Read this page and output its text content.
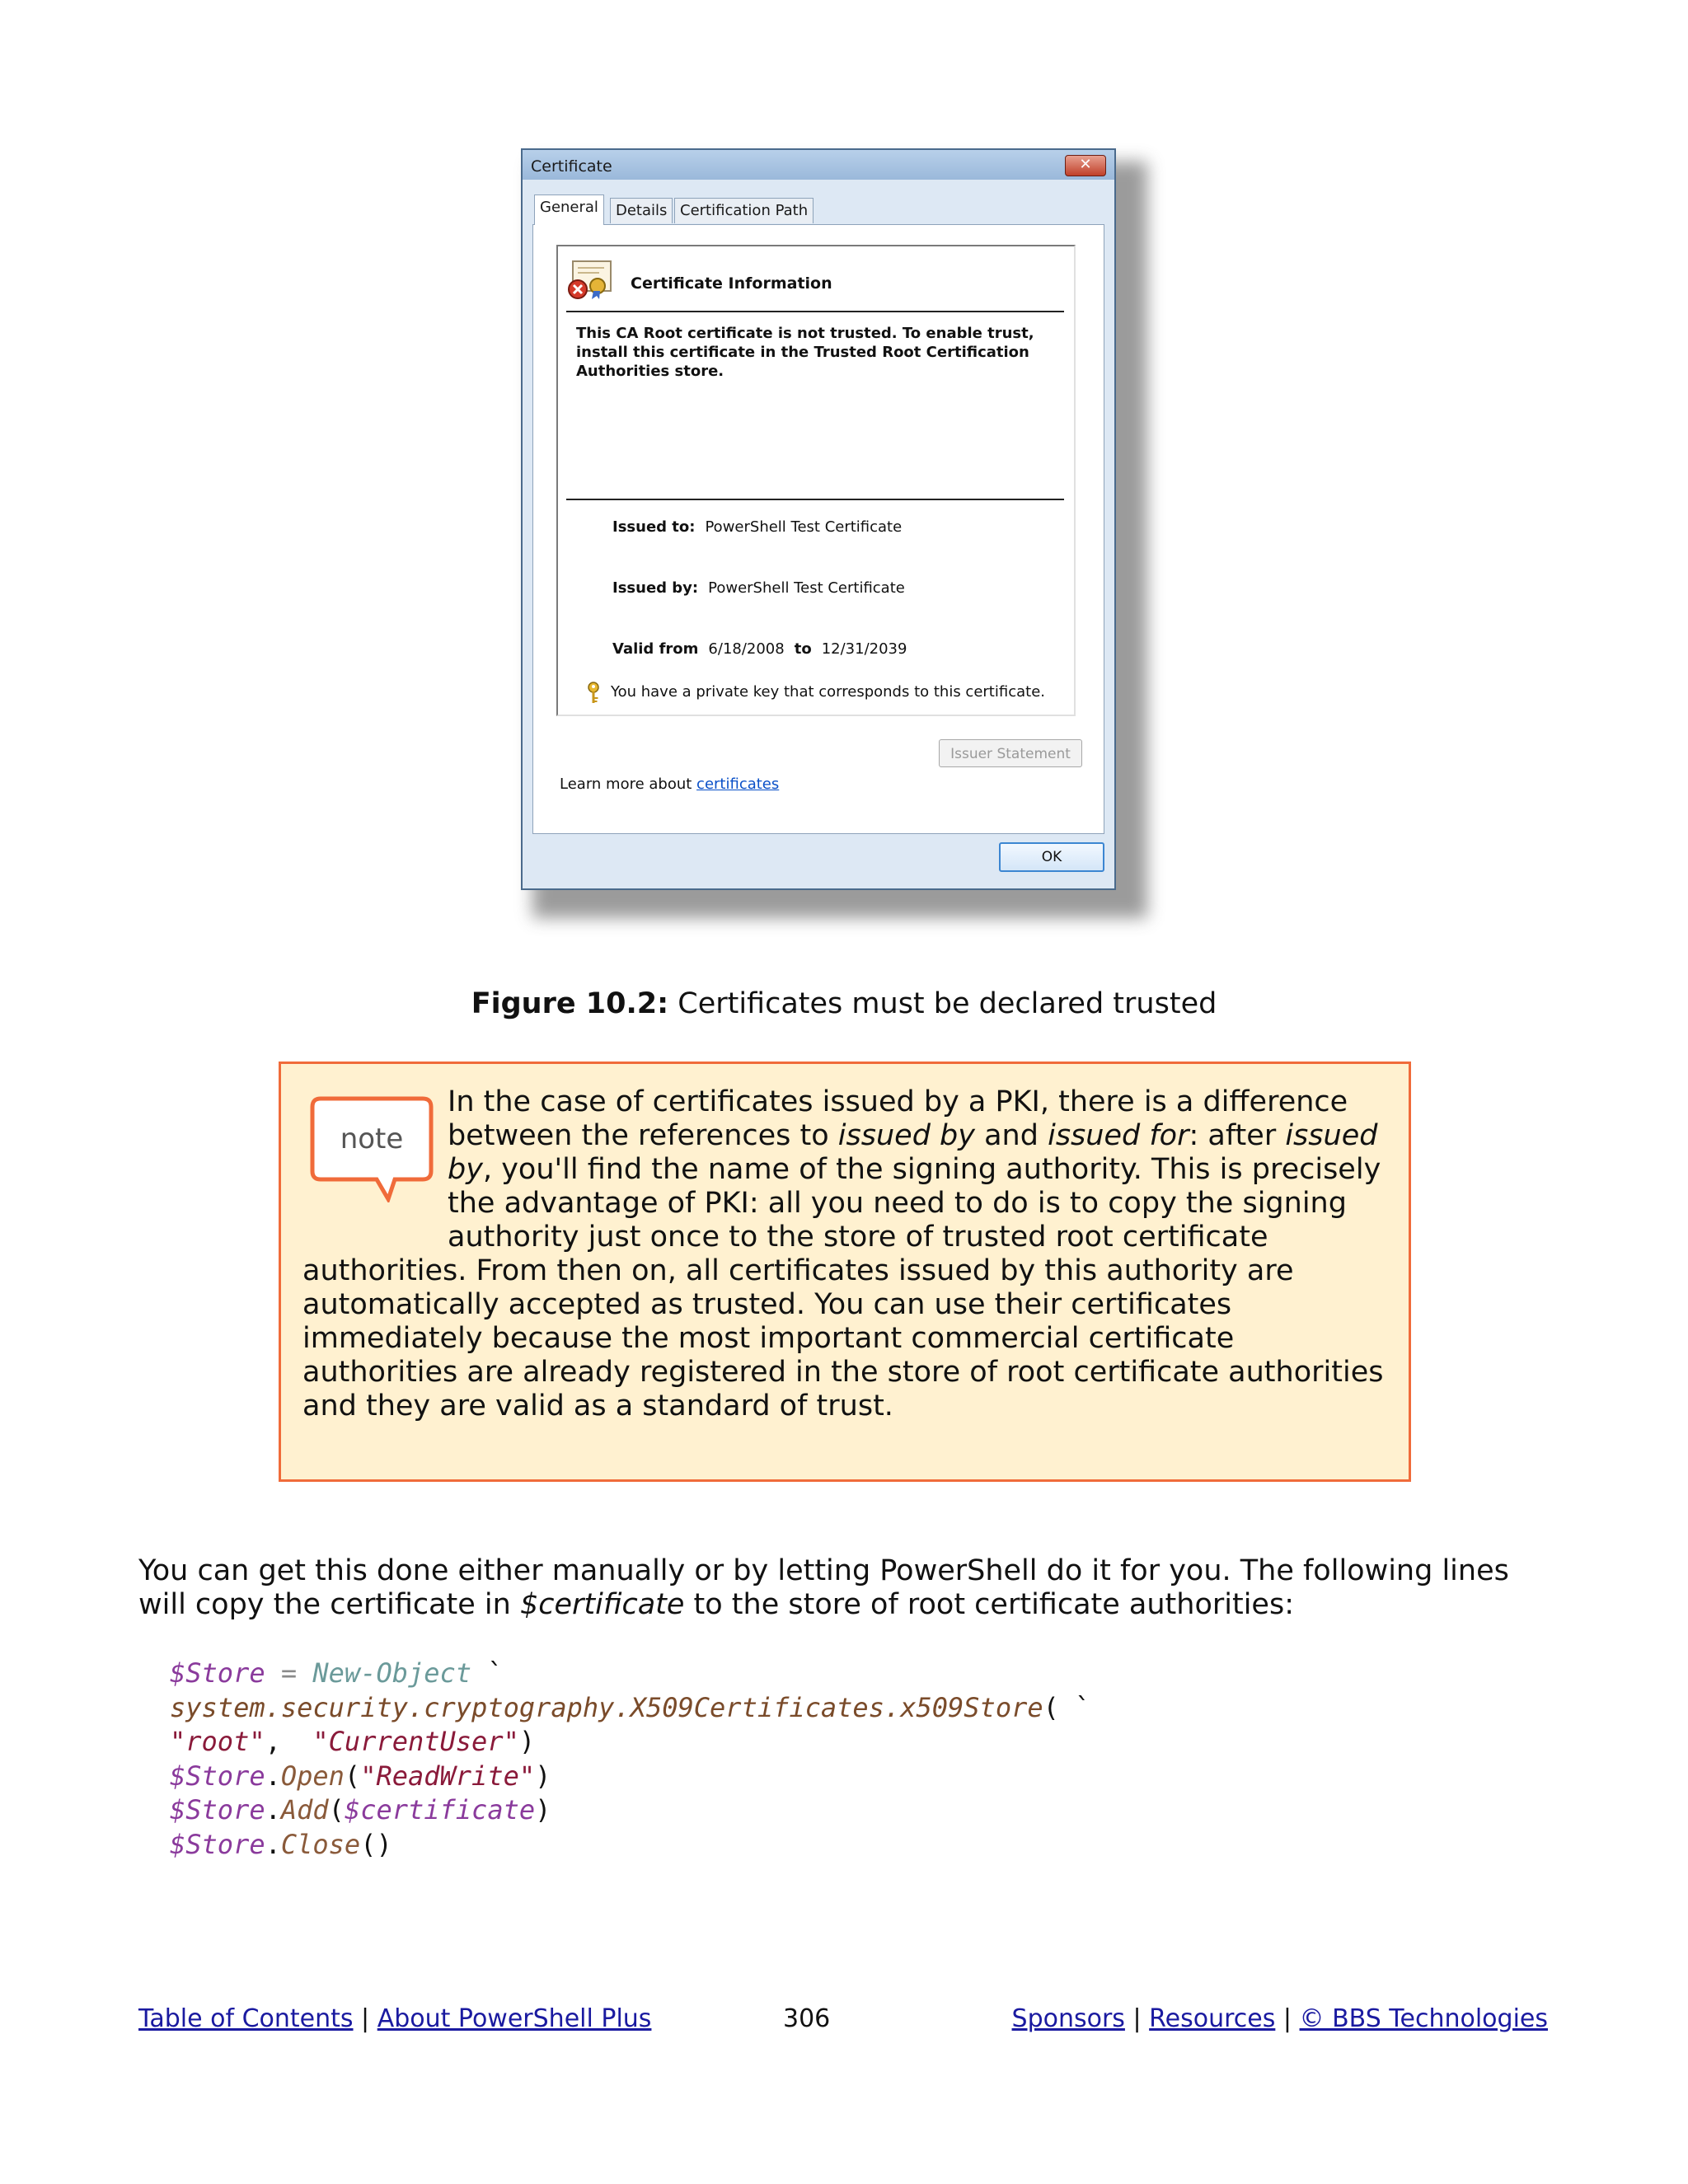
Certificate	✕
General	Details Certification Path
Certificate Information
This CA Root certificate is not trusted. To enable trust, install this certificate in the Trusted Root Certification Authorities store.
Issued to: PowerShell Test Certificate
Issued by: PowerShell Test Certificate
Valid from 6/18/2008 to 12/31/2039
You have a private key that corresponds to this certificate.
Issuer Statement
Learn more about certificates
OK
Figure 10.2: Certificates must be declared trusted
note
In the case of certificates issued by a PKI, there is a difference between the references to issued by and issued for: after issued by, you'll find the name of the signing authority. This is precisely the advantage of PKI: all you need to do is to copy the signing authority just once to the store of trusted root certificate authorities. From then on, all certificates issued by this authority are automatically accepted as trusted. You can use their certificates immediately because the most important commercial certificate authorities are already registered in the store of root certificate authorities and they are valid as a standard of trust.
You can get this done either manually or by letting PowerShell do it for you. The following lines will copy the certificate in $certificate to the store of root certificate authorities:
$Store = New-Object `
system.security.cryptography.X509Certificates.x509Store( `
"root",  "CurrentUser")
$Store.Open("ReadWrite")
$Store.Add($certificate)
$Store.Close()
Table of Contents | About PowerShell Plus	306	Sponsors | Resources | © BBS Technologies
